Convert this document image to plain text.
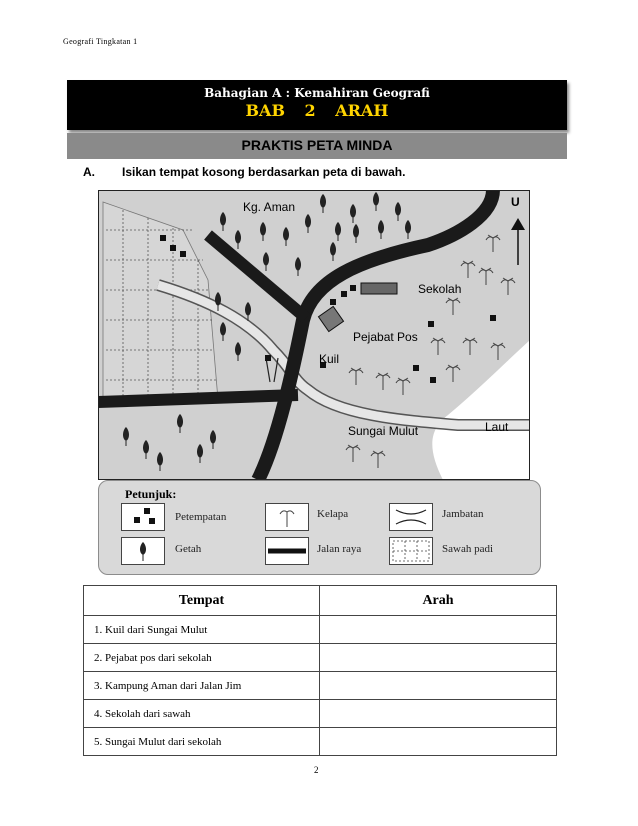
Geografi Tingkatan 1
Bahagian A : Kemahiran Geografi
BAB 2 ARAH
PRAKTIS PETA MINDA
A. Isikan tempat kosong berdasarkan peta di bawah.
U
Kg. Aman
Sekolah
Pejabat Pos
Kuil
Sungai Mulut	Laut
Petunjuk:
Petempatan
Getah
Kelapa
Jalan raya
Jambatan
Sawah padi
Tempat	Arah
1. Kuil dari Sungai Mulut	
2. Pejabat pos dari sekolah	
3. Kampung Aman dari Jalan Jim	
4. Sekolah dari sawah	
5. Sungai Mulut dari sekolah	
2
